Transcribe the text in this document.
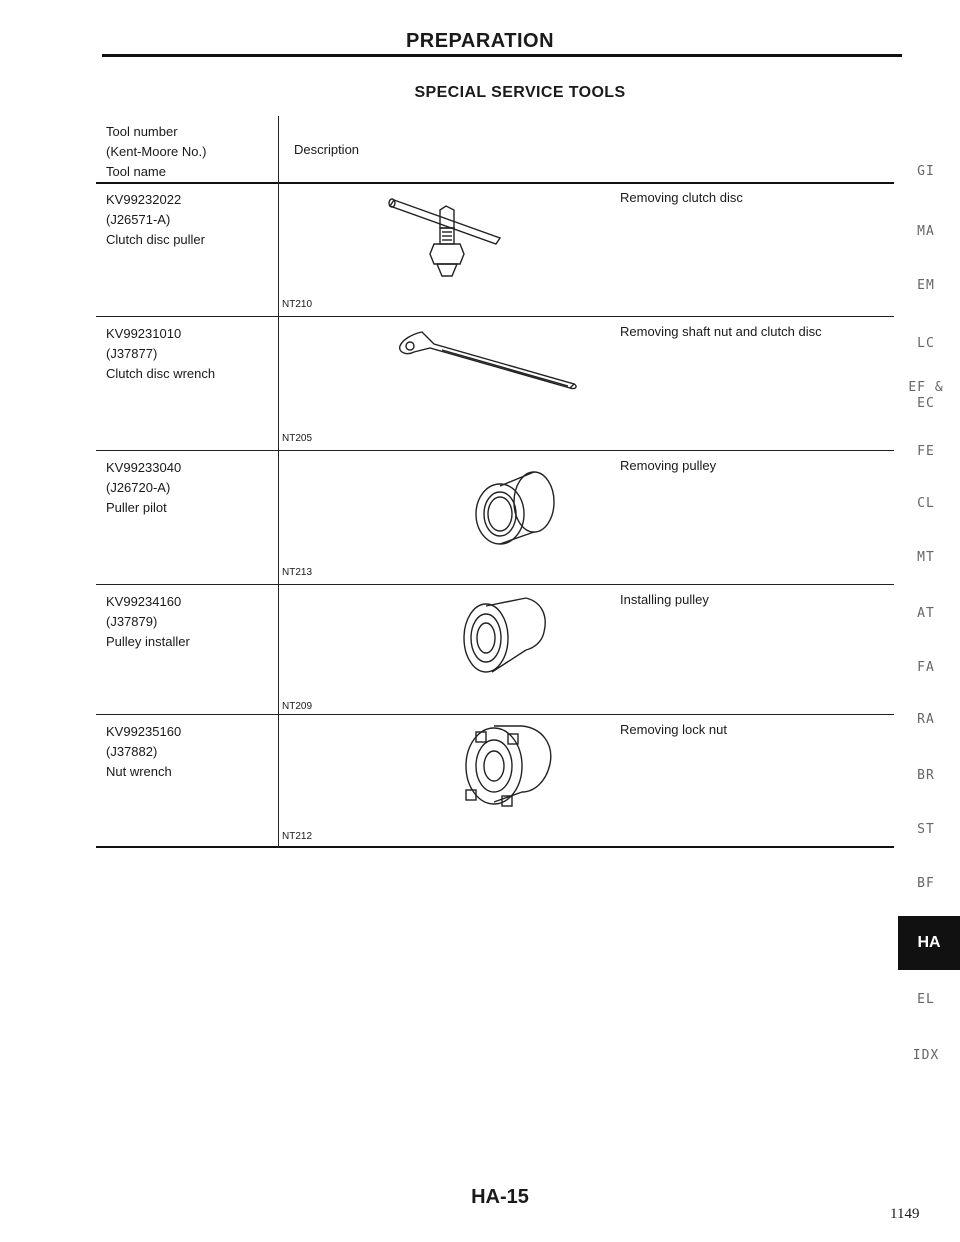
PREPARATION
SPECIAL SERVICE TOOLS
Tool number
(Kent-Moore No.)
Tool name
Description
KV99232022
(J26571-A)
Clutch disc puller
NT210
Removing clutch disc
KV99231010
(J37877)
Clutch disc wrench
NT205
Removing shaft nut and clutch disc
KV99233040
(J26720-A)
Puller pilot
NT213
Removing pulley
KV99234160
(J37879)
Pulley installer
NT209
Installing pulley
KV99235160
(J37882)
Nut wrench
NT212
Removing lock nut
GI
MA
EM
LC
EF &
EC
FE
CL
MT
AT
FA
RA
BR
ST
BF
HA
EL
IDX
HA-15
1149
